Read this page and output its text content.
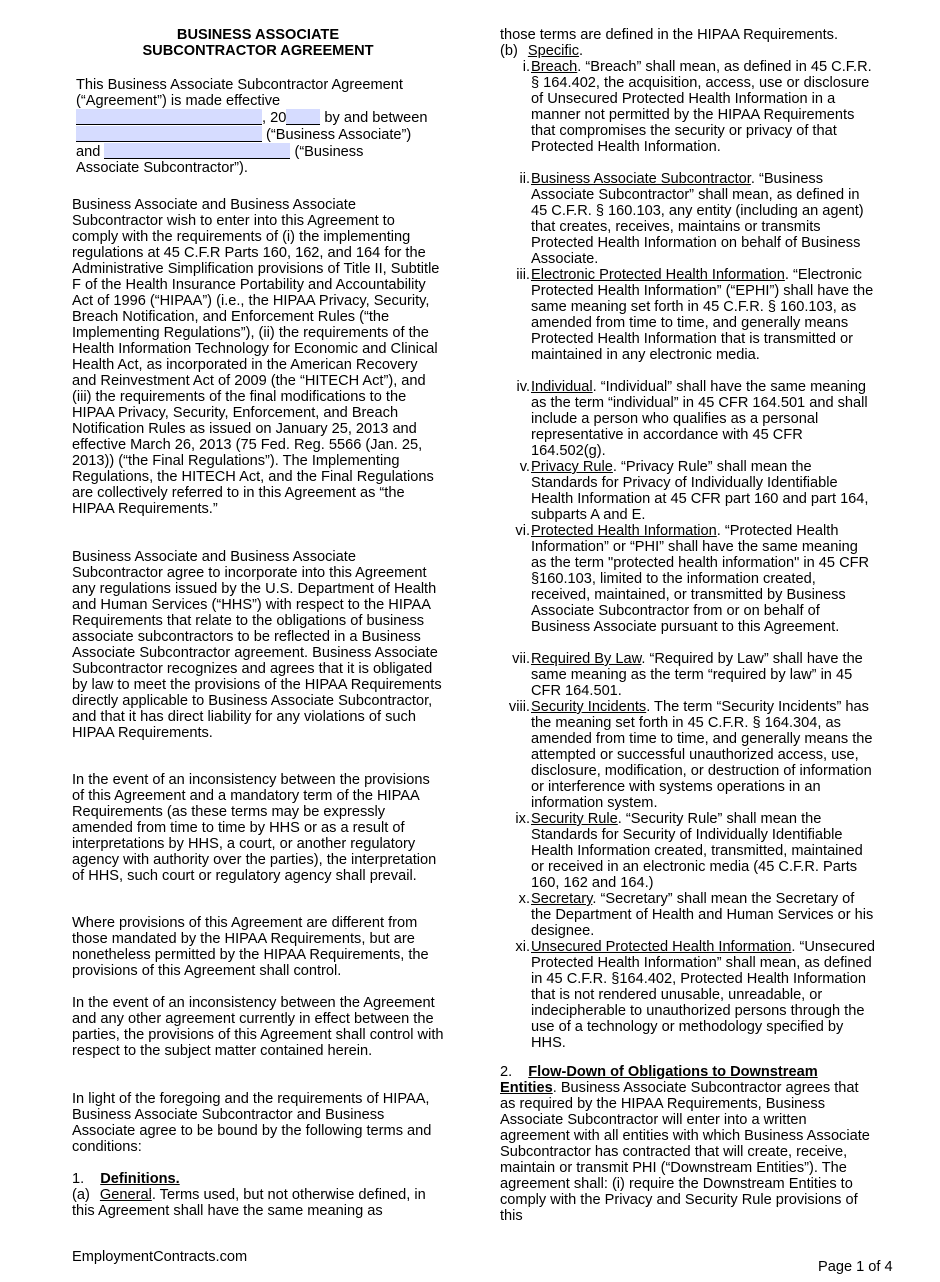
BUSINESS ASSOCIATE
SUBCONTRACTOR AGREEMENT
This Business Associate Subcontractor Agreement
(“Agreement”) is made effective
, 20 by and between
(“Business Associate”)
and	(“Business
Associate Subcontractor”).

Business Associate and Business Associate Subcontractor wish to enter into this Agreement to comply with the requirements of (i) the implementing regulations at 45 C.F.R Parts 160, 162, and 164 for the Administrative Simplification provisions of Title II, Subtitle F of the Health Insurance Portability and Accountability Act of 1996 (“HIPAA”) (i.e., the HIPAA Privacy, Security, Breach Notification, and Enforcement Rules (“the Implementing Regulations”), (ii) the requirements of the Health Information Technology for Economic and Clinical Health Act, as incorporated in the American Recovery and Reinvestment Act of 2009 (the “HITECH Act”), and (iii) the requirements of the final modifications to the HIPAA Privacy, Security, Enforcement, and Breach Notification Rules as issued on January 25, 2013 and effective March 26, 2013 (75 Fed. Reg. 5566 (Jan. 25, 2013)) (“the Final Regulations”). The Implementing Regulations, the HITECH Act, and the Final Regulations are collectively referred to in this Agreement as “the HIPAA Requirements.”

Business Associate and Business Associate Subcontractor agree to incorporate into this Agreement any regulations issued by the U.S. Department of Health and Human Services (“HHS”) with respect to the HIPAA Requirements that relate to the obligations of business associate subcontractors to be reflected in a Business Associate Subcontractor agreement. Business Associate Subcontractor recognizes and agrees that it is obligated by law to meet the provisions of the HIPAA Requirements directly applicable to Business Associate Subcontractor, and that it has direct liability for any violations of such HIPAA Requirements.

In the event of an inconsistency between the provisions of this Agreement and a mandatory term of the HIPAA Requirements (as these terms may be expressly amended from time to time by HHS or as a result of interpretations by HHS, a court, or another regulatory agency with authority over the parties), the interpretation of HHS, such court or regulatory agency shall prevail.

Where provisions of this Agreement are different from those mandated by the HIPAA Requirements, but are nonetheless permitted by the HIPAA Requirements, the provisions of this Agreement shall control.

In the event of an inconsistency between the Agreement and any other agreement currently in effect between the parties, the provisions of this Agreement shall control with respect to the subject matter contained herein.

In light of the foregoing and the requirements of HIPAA, Business Associate Subcontractor and Business Associate agree to be bound by the following terms and conditions:

1. Definitions.
(a) General. Terms used, but not otherwise defined, in this Agreement shall have the same meaning as
those terms are defined in the HIPAA Requirements.
(b) Specific.
i. Breach. “Breach” shall mean, as defined in 45 C.F.R. § 164.402, the acquisition, access, use or disclosure of Unsecured Protected Health Information in a manner not permitted by the HIPAA Requirements that compromises the security or privacy of that Protected Health Information.
ii. Business Associate Subcontractor. “Business Associate Subcontractor” shall mean, as defined in 45 C.F.R. § 160.103, any entity (including an agent) that creates, receives, maintains or transmits Protected Health Information on behalf of Business Associate.
iii. Electronic Protected Health Information. “Electronic Protected Health Information” (“EPHI”) shall have the same meaning set forth in 45 C.F.R. § 160.103, as amended from time to time, and generally means Protected Health Information that is transmitted or maintained in any electronic media.
iv. Individual. “Individual” shall have the same meaning as the term “individual” in 45 CFR 164.501 and shall include a person who qualifies as a personal representative in accordance with 45 CFR 164.502(g).
v. Privacy Rule. “Privacy Rule” shall mean the Standards for Privacy of Individually Identifiable Health Information at 45 CFR part 160 and part 164, subparts A and E.
vi. Protected Health Information. “Protected Health Information” or “PHI” shall have the same meaning as the term "protected health information" in 45 CFR §160.103, limited to the information created, received, maintained, or transmitted by Business Associate Subcontractor from or on behalf of Business Associate pursuant to this Agreement.
vii. Required By Law. “Required by Law” shall have the same meaning as the term “required by law” in 45 CFR 164.501.
viii. Security Incidents. The term “Security Incidents” has the meaning set forth in 45 C.F.R. § 164.304, as amended from time to time, and generally means the attempted or successful unauthorized access, use, disclosure, modification, or destruction of information or interference with systems operations in an information system.
ix. Security Rule. “Security Rule” shall mean the Standards for Security of Individually Identifiable Health Information created, transmitted, maintained or received in an electronic media (45 C.F.R. Parts 160, 162 and 164.)
x. Secretary. “Secretary” shall mean the Secretary of the Department of Health and Human Services or his designee.
xi. Unsecured Protected Health Information. “Unsecured Protected Health Information” shall mean, as defined in 45 C.F.R. §164.402, Protected Health Information that is not rendered unusable, unreadable, or indecipherable to unauthorized persons through the use of a technology or methodology specified by HHS.
2. Flow-Down of Obligations to Downstream Entities. Business Associate Subcontractor agrees that as required by the HIPAA Requirements, Business Associate Subcontractor will enter into a written agreement with all entities with which Business Associate Subcontractor has contracted that will create, receive, maintain or transmit PHI (“Downstream Entities”). The agreement shall: (i) require the Downstream Entities to comply with the Privacy and Security Rule provisions of this
EmploymentContracts.com
Page 1 of 4
